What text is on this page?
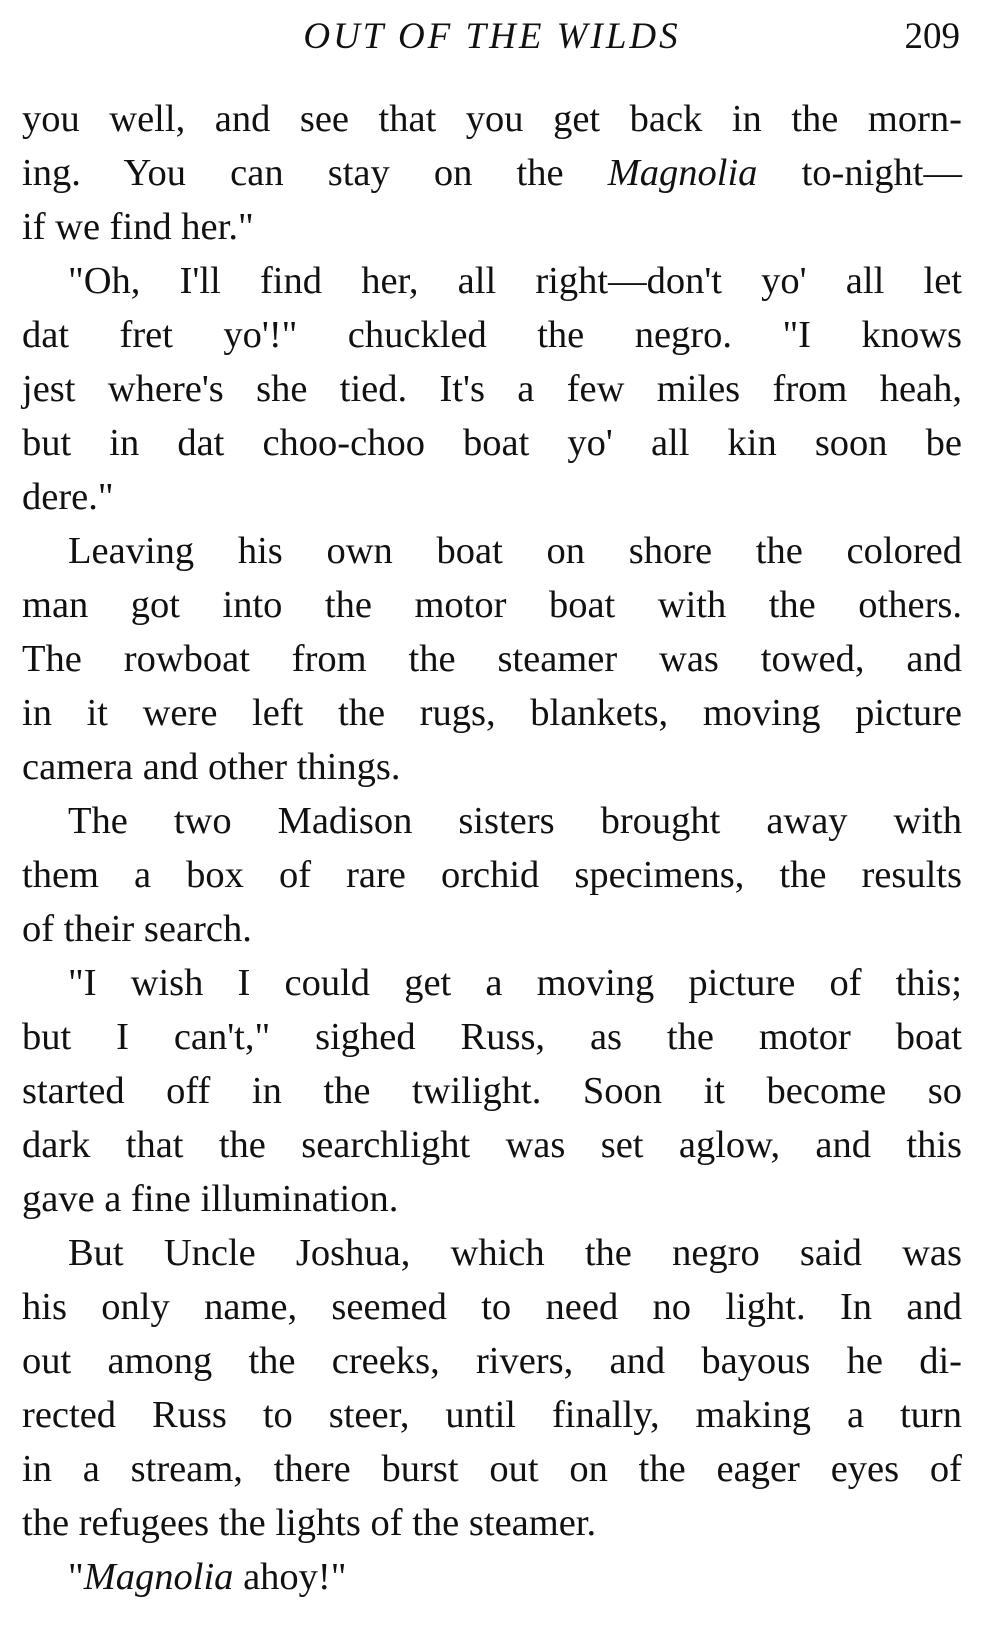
OUT OF THE WILDS	209
you well, and see that you get back in the morn-
ing. You can stay on the Magnolia to-night—
if we find her."
"Oh, I'll find her, all right—don't yo' all let
dat fret yo'!" chuckled the negro. "I knows
jest where's she tied. It's a few miles from heah,
but in dat choo-choo boat yo' all kin soon be
dere."
Leaving his own boat on shore the colored
man got into the motor boat with the others.
The rowboat from the steamer was towed, and
in it were left the rugs, blankets, moving picture
camera and other things.
The two Madison sisters brought away with
them a box of rare orchid specimens, the results
of their search.
"I wish I could get a moving picture of this;
but I can't," sighed Russ, as the motor boat
started off in the twilight. Soon it become so
dark that the searchlight was set aglow, and this
gave a fine illumination.
But Uncle Joshua, which the negro said was
his only name, seemed to need no light. In and
out among the creeks, rivers, and bayous he di-
rected Russ to steer, until finally, making a turn
in a stream, there burst out on the eager eyes of
the refugees the lights of the steamer.
"Magnolia ahoy!"
